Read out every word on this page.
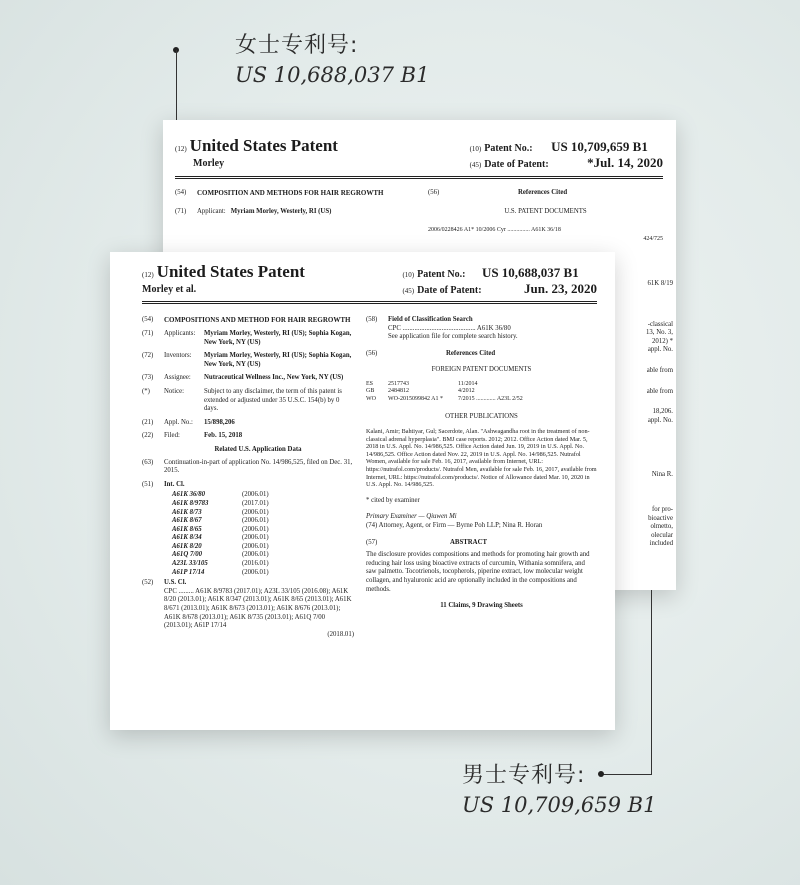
女士专利号:
US 10,688,037 B1
(12) United States Patent
Morley
(10) Patent No.: US 10,709,659 B1
(45) Date of Patent:	*Jul. 14, 2020
(54)	COMPOSITION AND METHODS FOR HAIR REGROWTH
(71)	Applicant: Myriam Morley, Westerly, RI (US)
(56)	References Cited
U.S. PATENT DOCUMENTS
2006/0228426 A1* 10/2006 Cyr ............... A61K 36/18
424/725
61K 8/19
-classical
13, No. 3,
2012) *
appl. No.
able from
able from
18,206.
appl. No.
Nina R.
for pro-
bioactive
olmetto,
olecular
included
(12) United States Patent
Morley et al.
(10) Patent No.: US 10,688,037 B1
(45) Date of Patent:	Jun. 23, 2020
(54)	COMPOSITIONS AND METHOD FOR HAIR REGROWTH
(71)	Applicants:	Myriam Morley, Westerly, RI (US); Sophia Kogan, New York, NY (US)
(72)	Inventors:	Myriam Morley, Westerly, RI (US); Sophia Kogan, New York, NY (US)
(73)	Assignee:	Nutraceutical Wellness Inc., New York, NY (US)
(*)	Notice:	Subject to any disclaimer, the term of this patent is extended or adjusted under 35 U.S.C. 154(b) by 0 days.
(21)	Appl. No.:	15/898,206
(22)	Filed:	Feb. 15, 2018
Related U.S. Application Data
(63)	Continuation-in-part of application No. 14/986,525, filed on Dec. 31, 2015.
(51)	Int. Cl.
A61K 36/80	(2006.01)
A61K 8/9783	(2017.01)
A61K 8/73	(2006.01)
A61K 8/67	(2006.01)
A61K 8/65	(2006.01)
A61K 8/34	(2006.01)
A61K 8/20	(2006.01)
A61Q 7/00	(2006.01)
A23L 33/105	(2016.01)
A61P 17/14	(2006.01)
(52)	U.S. Cl.
CPC ......... A61K 8/9783 (2017.01); A23L 33/105 (2016.08); A61K 8/20 (2013.01); A61K 8/347 (2013.01); A61K 8/65 (2013.01); A61K 8/671 (2013.01); A61K 8/673 (2013.01); A61K 8/676 (2013.01); A61K 8/678 (2013.01); A61K 8/735 (2013.01); A61Q 7/00 (2013.01); A61P 17/14
(2018.01)
(58)	Field of Classification Search
CPC ........................................... A61K 36/80
See application file for complete search history.
(56)	References Cited
FOREIGN PATENT DOCUMENTS
ES	2517743	11/2014
GB	2484812	4/2012
WO	WO-2015099842 A1 *	7/2015 ............. A23L 2/52
OTHER PUBLICATIONS
Kalani, Amir; Bahtiyar, Gul; Sacerdote, Alan. "Ashwagandha root in the treatment of non-classical adrenal hyperplasia". BMJ case reports. 2012; 2012. Office Action dated Mar. 5, 2018 in U.S. Appl. No. 14/986,525. Office Action dated Jun. 19, 2019 in U.S. Appl. No. 14/986,525. Office Action dated Nov. 22, 2019 in U.S. Appl. No. 14/986,525. Nutrafol Women, available for sale Feb. 16, 2017, available from Internet, URL: https://nutrafol.com/products/. Nutrafol Men, available for sale Feb. 16, 2017, available from Internet, URL: https://nutrafol.com/products/. Notice of Allowance dated Mar. 10, 2020 in U.S. Appl. No. 14/986,525.
* cited by examiner
Primary Examiner — Qiuwen Mi
(74) Attorney, Agent, or Firm — Byrne Poh LLP; Nina R. Horan
(57)	ABSTRACT
The disclosure provides compositions and methods for promoting hair growth and reducing hair loss using bioactive extracts of curcumin, Withania somnifera, and saw palmetto. Tocotrienols, tocopherols, piperine extract, low molecular weight collagen, and hyaluronic acid are optionally included in the compositions and methods.
11 Claims, 9 Drawing Sheets
男士专利号:
US 10,709,659 B1
